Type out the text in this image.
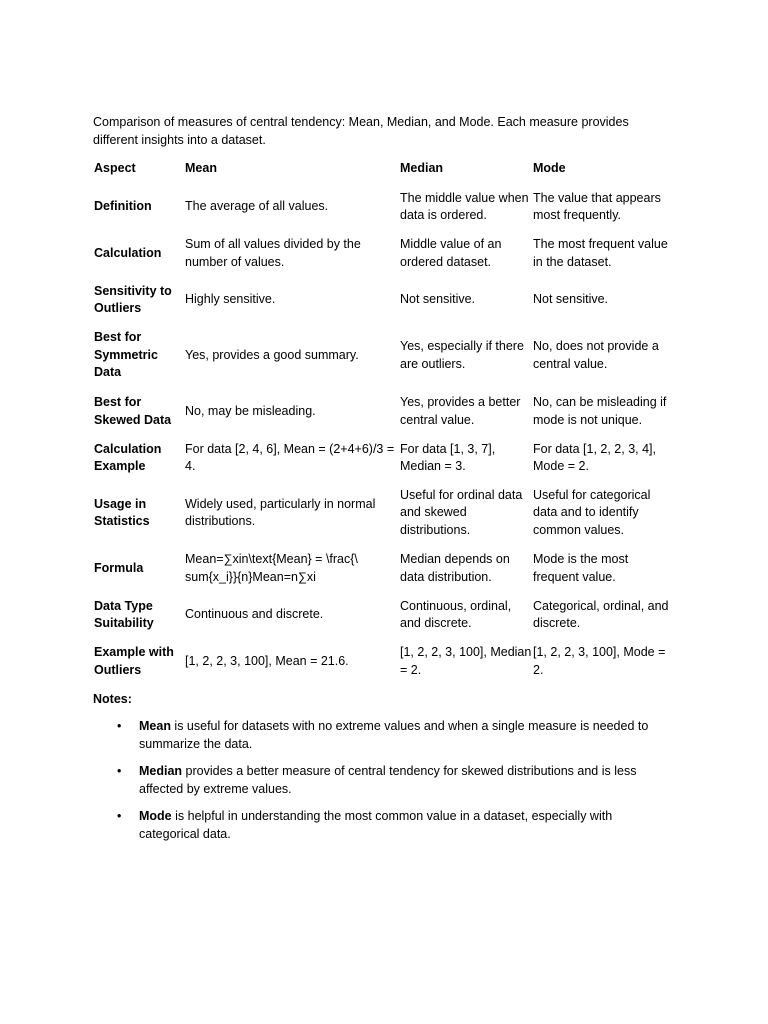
Comparison of measures of central tendency: Mean, Median, and Mode. Each measure provides different insights into a dataset.

Aspect	Mean	Median	Mode
Definition	The average of all values.	The middle value when data is ordered.	The value that appears most frequently.
Calculation	Sum of all values divided by the number of values.	Middle value of an ordered dataset.	The most frequent value in the dataset.
Sensitivity to Outliers	Highly sensitive.	Not sensitive.	Not sensitive.
Best for Symmetric Data	Yes, provides a good summary.	Yes, especially if there are outliers.	No, does not provide a central value.
Best for Skewed Data	No, may be misleading.	Yes, provides a better central value.	No, can be misleading if mode is not unique.
Calculation Example	For data [2, 4, 6], Mean = (2+4+6)/3 = 4.	For data [1, 3, 7], Median = 3.	For data [1, 2, 2, 3, 4], Mode = 2.
Usage in Statistics	Widely used, particularly in normal distributions.	Useful for ordinal data and skewed distributions.	Useful for categorical data and to identify common values.
Formula	Mean=∑xin\text{Mean} = \frac{\ sum{x_i}}{n}Mean=n∑xi	Median depends on data distribution.	Mode is the most frequent value.
Data Type Suitability	Continuous and discrete.	Continuous, ordinal, and discrete.	Categorical, ordinal, and discrete.
Example with Outliers	[1, 2, 2, 3, 100], Mean = 21.6.	[1, 2, 2, 3, 100], Median = 2.	[1, 2, 2, 3, 100], Mode = 2.
Notes:
• Mean is useful for datasets with no extreme values and when a single measure is needed to summarize the data.
• Median provides a better measure of central tendency for skewed distributions and is less affected by extreme values.
• Mode is helpful in understanding the most common value in a dataset, especially with categorical data.
